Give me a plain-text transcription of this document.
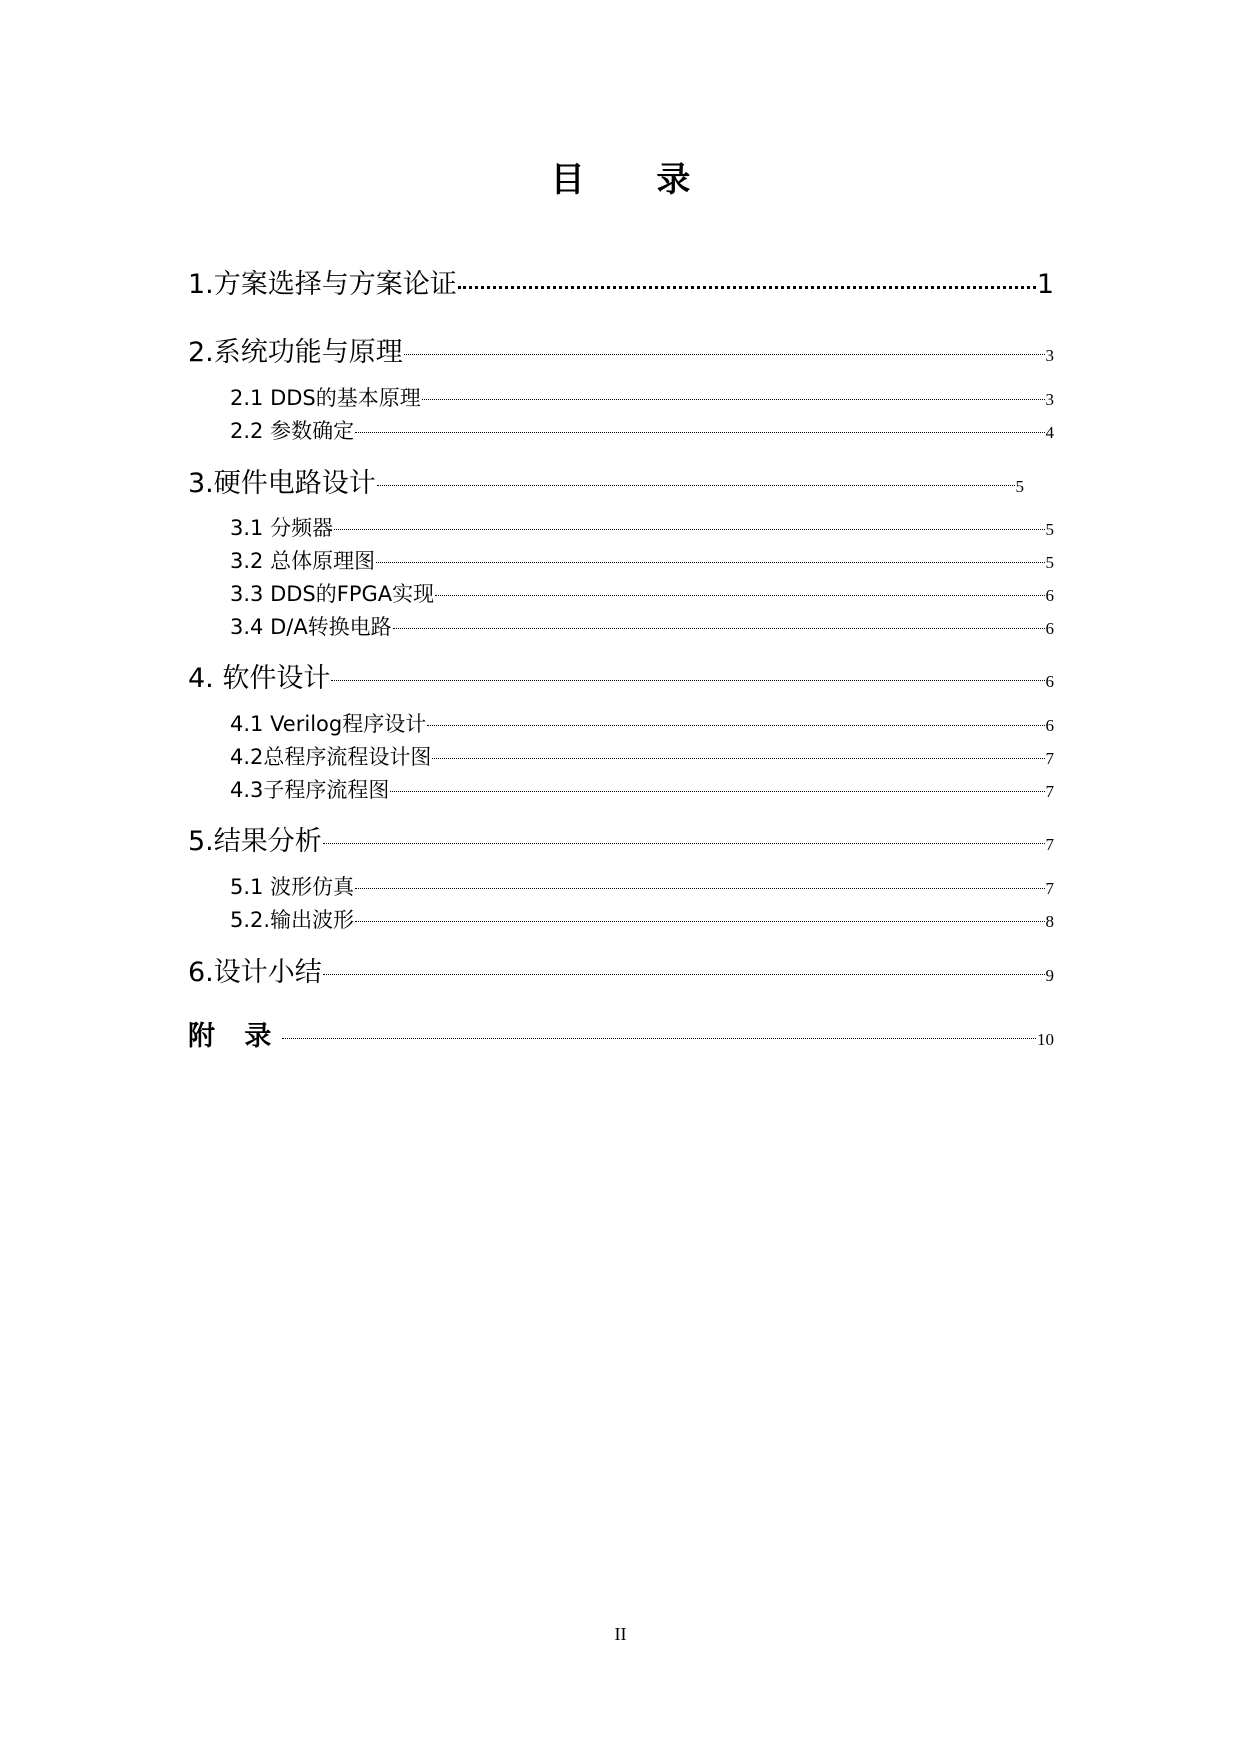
目 录
1.方案选择与方案论证	1
2.系统功能与原理	3
2.1 DDS的基本原理	3
2.2 参数确定	4
3.硬件电路设计	5
3.1 分频器	5
3.2 总体原理图	5
3.3 DDS的FPGA实现	6
3.4 D/A转换电路	6
4. 软件设计	6
4.1 Verilog程序设计	6
4.2总程序流程设计图	7
4.3子程序流程图	7
5.结果分析	7
5.1 波形仿真	7
5.2.输出波形	8
6.设计小结	9
附 录	10
II
